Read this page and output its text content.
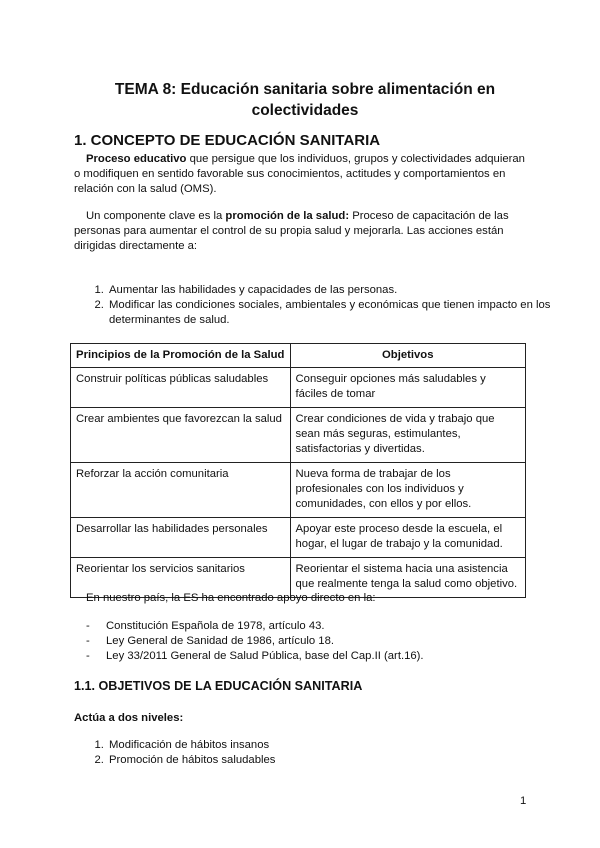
TEMA 8: Educación sanitaria sobre alimentación en colectividades
1. CONCEPTO DE EDUCACIÓN SANITARIA

Proceso educativo que persigue que los individuos, grupos y colectividades adquieran o modifiquen en sentido favorable sus conocimientos, actitudes y comportamientos en relación con la salud (OMS).

Un componente clave es la promoción de la salud: Proceso de capacitación de las personas para aumentar el control de su propia salud y mejorarla. Las acciones están dirigidas directamente a:

1. Aumentar las habilidades y capacidades de las personas.
2. Modificar las condiciones sociales, ambientales y económicas que tienen impacto en los determinantes de salud.
Principios de la Promoción de la Salud	Objetivos
Construir políticas públicas saludables	Conseguir opciones más saludables y fáciles de tomar
Crear ambientes que favorezcan la salud	Crear condiciones de vida y trabajo que sean más seguras, estimulantes, satisfactorias y divertidas.
Reforzar la acción comunitaria	Nueva forma de trabajar de los profesionales con los individuos y comunidades, con ellos y por ellos.
Desarrollar las habilidades personales	Apoyar este proceso desde la escuela, el hogar, el lugar de trabajo y la comunidad.
Reorientar los servicios sanitarios	Reorientar el sistema hacia una asistencia que realmente tenga la salud como objetivo.

En nuestro país, la ES ha encontrado apoyo directo en la:

- Constitución Española de 1978, artículo 43.
- Ley General de Sanidad de 1986, artículo 18.
- Ley 33/2011 General de Salud Pública, base del Cap.II (art.16).
1.1. OBJETIVOS DE LA EDUCACIÓN SANITARIA
Actúa a dos niveles:
1. Modificación de hábitos insanos
2. Promoción de hábitos saludables
1
